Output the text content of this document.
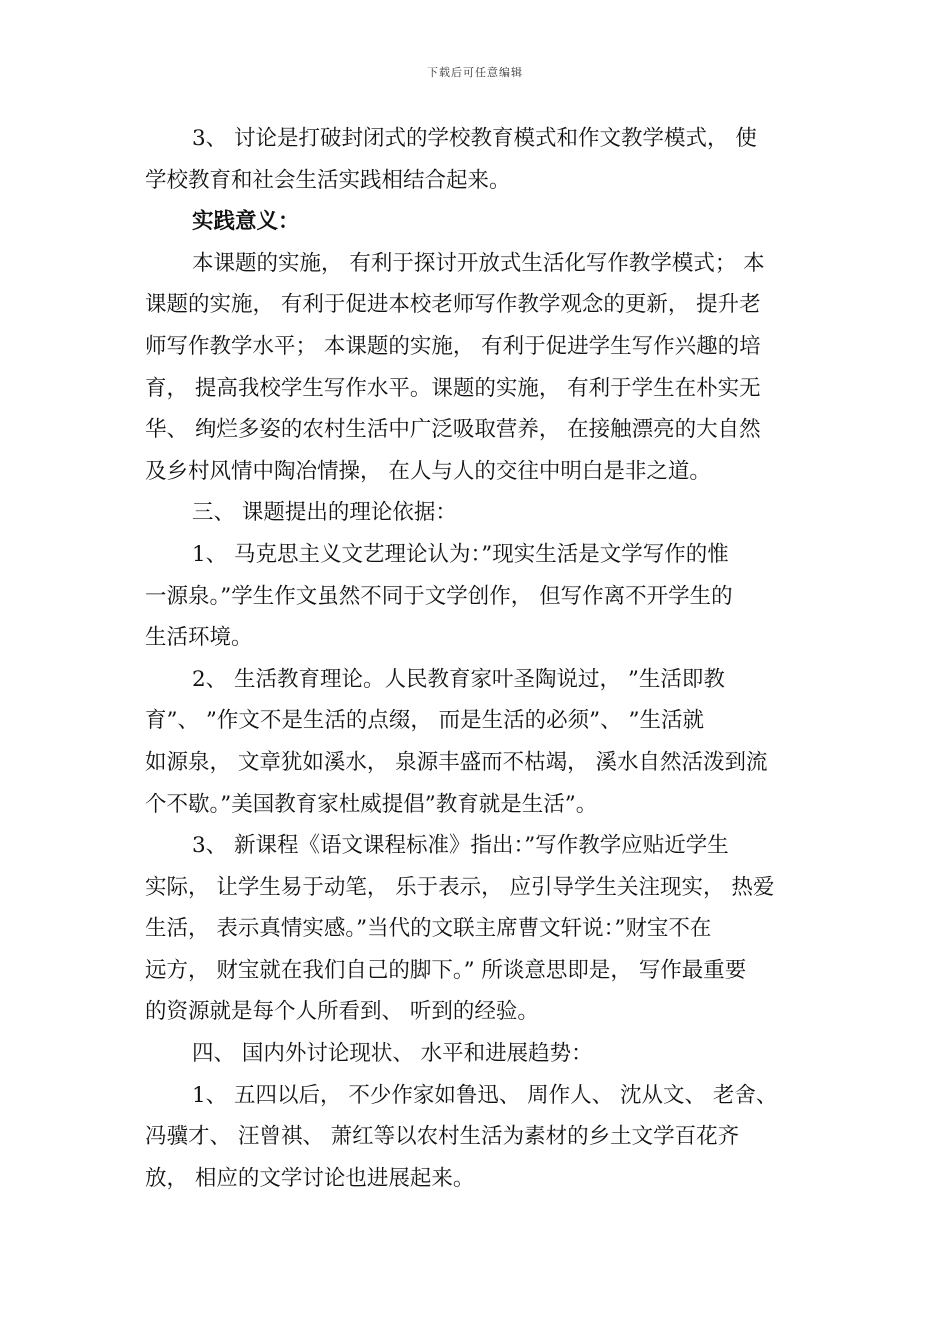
下载后可任意编辑
3、 讨论是打破封闭式的学校教育模式和作文教学模式， 使
学校教育和社会生活实践相结合起来。
实践意义：
本课题的实施， 有利于探讨开放式生活化写作教学模式； 本
课题的实施， 有利于促进本校老师写作教学观念的更新， 提升老
师写作教学水平； 本课题的实施， 有利于促进学生写作兴趣的培
育， 提高我校学生写作水平。课题的实施， 有利于学生在朴实无
华、 绚烂多姿的农村生活中广泛吸取营养， 在接触漂亮的大自然
及乡村风情中陶冶情操， 在人与人的交往中明白是非之道。
三、 课题提出的理论依据：
1、 马克思主义文艺理论认为：”现实生活是文学写作的惟
一源泉。”学生作文虽然不同于文学创作， 但写作离不开学生的
生活环境。
2、 生活教育理论。人民教育家叶圣陶说过， ”生活即教
育”、 ”作文不是生活的点缀， 而是生活的必须”、 ”生活就
如源泉， 文章犹如溪水， 泉源丰盛而不枯竭， 溪水自然活泼到流
个不歇。”美国教育家杜威提倡”教育就是生活”。
3、 新课程《语文课程标准》指出：”写作教学应贴近学生
实际， 让学生易于动笔， 乐于表示， 应引导学生关注现实， 热爱
生活， 表示真情实感。”当代的文联主席曹文轩说：”财宝不在
远方， 财宝就在我们自己的脚下。” 所谈意思即是， 写作最重要
的资源就是每个人所看到、 听到的经验。
四、 国内外讨论现状、 水平和进展趋势：
1、 五四以后， 不少作家如鲁迅、 周作人、 沈从文、 老舍、
冯骥才、 汪曾祺、 萧红等以农村生活为素材的乡土文学百花齐
放， 相应的文学讨论也进展起来。
